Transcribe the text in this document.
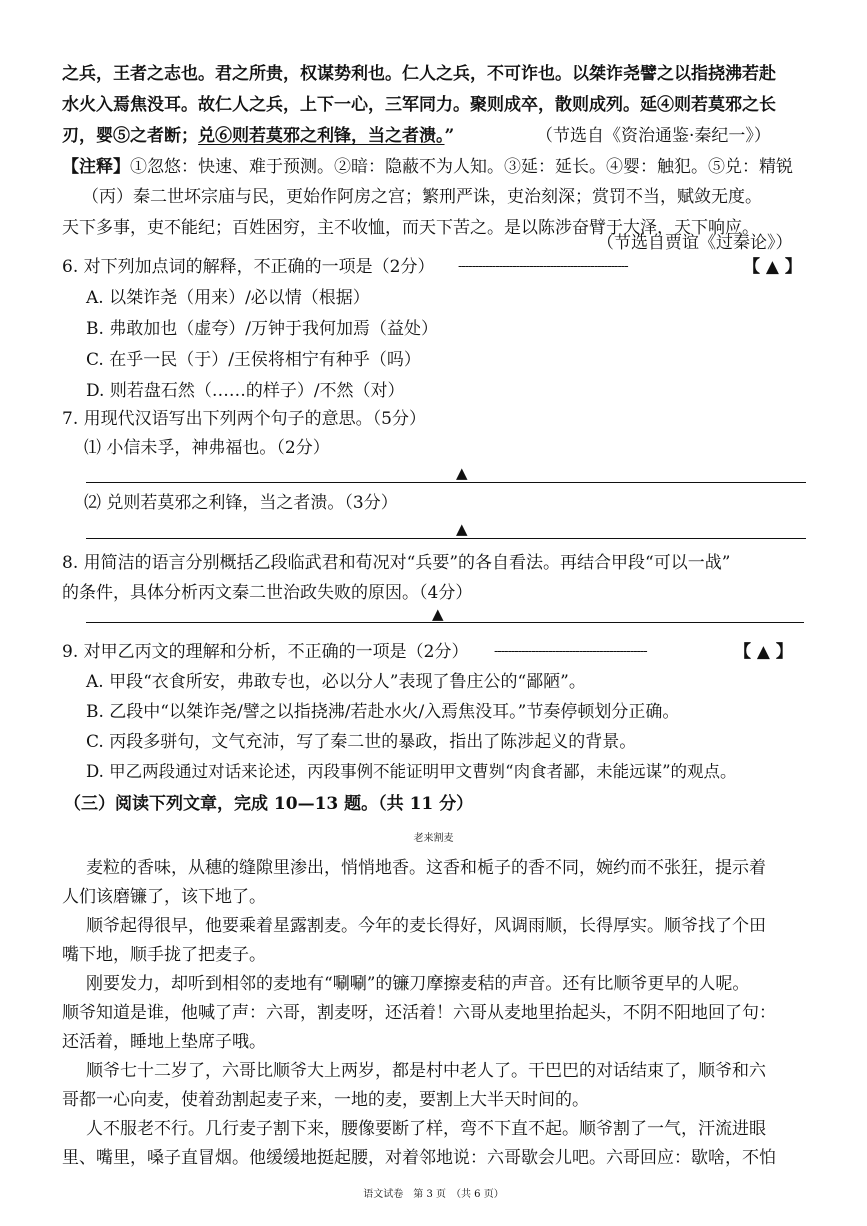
之兵，王者之志也。君之所贵，权谋势利也。仁人之兵，不可诈也。以桀诈尧譬之以指挠沸若赴
水火入焉焦没耳。故仁人之兵，上下一心，三军同力。聚则成卒，散则成列。延④则若莫邪之长
刃，婴⑤之者断；兑⑥则若莫邪之利锋，当之者溃。”	（节选自《资治通鉴·秦纪一》）
【注释】①忽悠：快速、难于预测。②暗：隐蔽不为人知。③延：延长。④婴：触犯。⑤兑：精锐
（丙）秦二世坏宗庙与民，更始作阿房之宫；繁刑严诛，吏治刻深；赏罚不当，赋敛无度。
天下多事，吏不能纪；百姓困穷，主不收恤，而天下苦之。是以陈涉奋臂于大泽，天下响应。
（节选自贾谊《过秦论》）
6. 对下列加点词的解释，不正确的一项是（2分） --------------------------------------------------	【 ▲ 】
A. 以桀诈尧（用来）/必以情（根据）
B. 弗敢加也（虚夸）/万钟于我何加焉（益处）
C. 在乎一民（于）/王侯将相宁有种乎（吗）
D. 则若盘石然（……的样子）/不然（对）
7. 用现代汉语写出下列两个句子的意思。（5分）
⑴ 小信未孚，神弗福也。（2分）
▲
⑵ 兑则若莫邪之利锋，当之者溃。（3分）
▲
8. 用简洁的语言分别概括乙段临武君和荀况对“兵要”的各自看法。再结合甲段“可以一战”
的条件，具体分析丙文秦二世治政失败的原因。（4分）
▲
9. 对甲乙丙文的理解和分析，不正确的一项是（2分） ---------------------------------------------	【 ▲ 】
A. 甲段“衣食所安，弗敢专也，必以分人”表现了鲁庄公的“鄙陋”。
B. 乙段中“以桀诈尧/譬之以指挠沸/若赴水火/入焉焦没耳。”节奏停顿划分正确。
C. 丙段多骈句，文气充沛，写了秦二世的暴政，指出了陈涉起义的背景。
D. 甲乙两段通过对话来论述，丙段事例不能证明甲文曹刿“肉食者鄙，未能远谋”的观点。
（三）阅读下列文章，完成 10—13 题。（共 11 分）
老来割麦
麦粒的香味，从穗的缝隙里渗出，悄悄地香。这香和栀子的香不同，婉约而不张狂，提示着
人们该磨镰了，该下地了。
顺爷起得很早，他要乘着星露割麦。今年的麦长得好，风调雨顺，长得厚实。顺爷找了个田
嘴下地，顺手拢了把麦子。
刚要发力，却听到相邻的麦地有“唰唰”的镰刀摩擦麦秸的声音。还有比顺爷更早的人呢。
顺爷知道是谁，他喊了声：六哥，割麦呀，还活着！六哥从麦地里抬起头，不阴不阳地回了句：
还活着，睡地上垫席子哦。
顺爷七十二岁了，六哥比顺爷大上两岁，都是村中老人了。干巴巴的对话结束了，顺爷和六
哥都一心向麦，使着劲割起麦子来，一地的麦，要割上大半天时间的。
人不服老不行。几行麦子割下来，腰像要断了样，弯不下直不起。顺爷割了一气，汗流进眼
里、嘴里，嗓子直冒烟。他缓缓地挺起腰，对着邻地说：六哥歇会儿吧。六哥回应：歇啥，不怕
语文试卷　第 3 页　（共 6 页）
